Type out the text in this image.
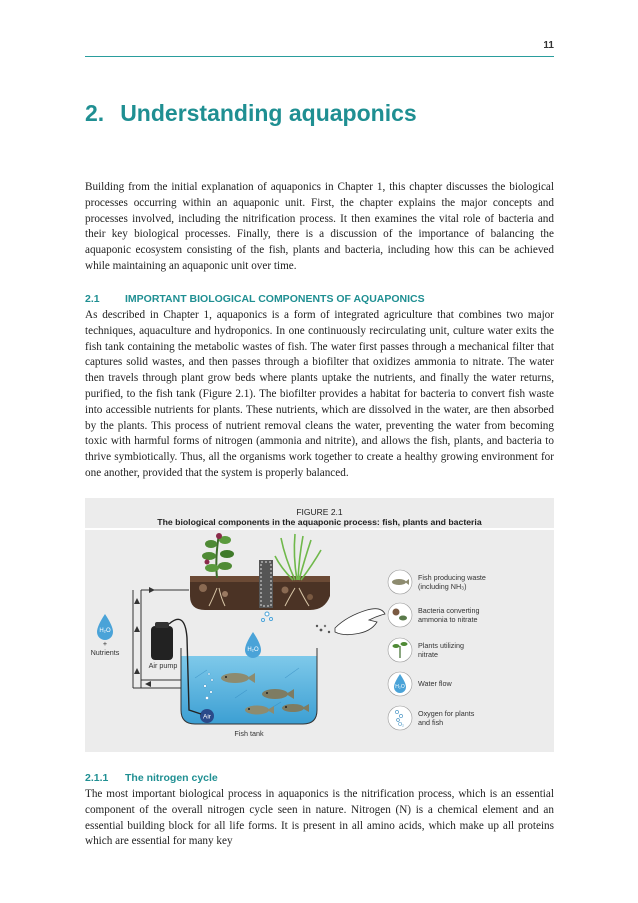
11
2. Understanding aquaponics

Building from the initial explanation of aquaponics in Chapter 1, this chapter discusses the biological processes occurring within an aquaponic unit. First, the chapter explains the major concepts and processes involved, including the nitrification process. It then examines the vital role of bacteria and their key biological processes. Finally, there is a discussion of the importance of balancing the aquaponic ecosystem consisting of the fish, plants and bacteria, including how this can be achieved while maintaining an aquaponic unit over time.

2.1 IMPORTANT BIOLOGICAL COMPONENTS OF AQUAPONICS

As described in Chapter 1, aquaponics is a form of integrated agriculture that combines two major techniques, aquaculture and hydroponics. In one continuously recirculating unit, culture water exits the fish tank containing the metabolic wastes of fish. The water first passes through a mechanical filter that captures solid wastes, and then passes through a biofilter that oxidizes ammonia to nitrate. The water then travels through plant grow beds where plants uptake the nutrients, and finally the water returns, purified, to the fish tank (Figure 2.1). The biofilter provides a habitat for bacteria to convert fish waste into accessible nutrients for plants. These nutrients, which are dissolved in the water, are then absorbed by the plants. This process of nutrient removal cleans the water, preventing the water from becoming toxic with harmful forms of nitrogen (ammonia and nitrite), and allows the fish, plants, and bacteria to thrive symbiotically. Thus, all the organisms work together to create a healthy growing environment for one another, provided that the system is properly balanced.

Air
H₂O
+
Nutrients
Air pump
H₂O
Fish tank
Fish producing waste
(including NH₃)
Bacteria converting
ammonia to nitrate
Plants utilizing
nitrate
H₂O Water flow
O₂
Oxygen for plants
and fish
FIGURE 2.1
The biological components in the aquaponic process: fish, plants and bacteria
2.1.1 The nitrogen cycle

The most important biological process in aquaponics is the nitrification process, which is an essential component of the overall nitrogen cycle seen in nature. Nitrogen (N) is a chemical element and an essential building block for all life forms. It is present in all amino acids, which make up all proteins which are essential for many key
